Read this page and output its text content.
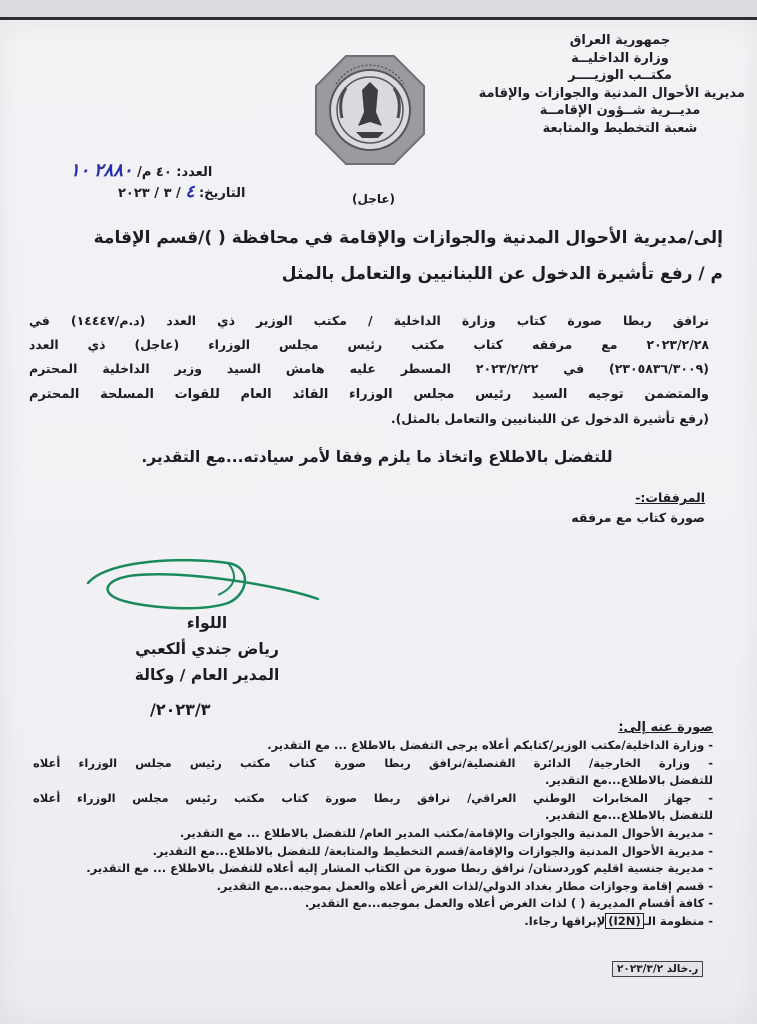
جمهورية العراق
وزارة الداخليــة
مكتــب الوزيــــر
مديرية الأحوال المدنية والجوازات والإقامة
مديــرية شــؤون الإقامــة
شعبة التخطيط والمتابعة
العدد: ٤٠ م/ ٢٨٨٠ ١٠
التاريخ: ٤ / ٣ / ٢٠٢٣	(عاجل)
إلى/مديرية الأحوال المدنية والجوازات والإقامة في محافظة ( )/قسم الإقامة
م / رفع تأشيرة الدخول عن اللبنانيين والتعامل بالمثل
نرافق ربطا صورة كتاب وزارة الداخلية / مكتب الوزير ذي العدد (د.م/١٤٤٤٧) في
٢٠٢٣/٢/٢٨ مع مرفقه كتاب مكتب رئيس مجلس الوزراء (عاجل) ذي العدد
(٢٣٠٥٨٣٦/٣٠٠٩) في ٢٠٢٣/٢/٢٢ المسطر عليه هامش السيد وزير الداخلية المحترم
والمتضمن توجيه السيد رئيس مجلس الوزراء القائد العام للقوات المسلحة المحترم
(رفع تأشيرة الدخول عن اللبنانيين والتعامل بالمثل).
للتفضل بالاطلاع واتخاذ ما يلزم وفقا لأمر سيادته...مع التقدير.
المرفقات:-
صورة كتاب مع مرفقه
اللواء
رياض جندي ألكعبي
المدير العام / وكالة
٢٠٢٣/٣/
صورة عنه إلى:
- وزارة الداخلية/مكتب الوزير/كتابكم أعلاه يرجى التفضل بالاطلاع ... مع التقدير.
- وزارة الخارجية/ الدائرة القنصلية/نرافق ربطا صورة كتاب مكتب رئيس مجلس الوزراء أعلاه
للتفضل بالاطلاع...مع التقدير.
- جهاز المخابرات الوطني العراقي/ نرافق ربطا صورة كتاب مكتب رئيس مجلس الوزراء أعلاه
للتفضل بالاطلاع...مع التقدير.
- مديرية الأحوال المدنية والجوازات والإقامة/مكتب المدير العام/ للتفضل بالاطلاع ... مع التقدير.
- مديرية الأحوال المدنية والجوازات والإقامة/قسم التخطيط والمتابعة/ للتفضل بالاطلاع...مع التقدير.
- مديرية جنسية اقليم كوردستان/ نرافق ربطا صورة من الكتاب المشار إليه أعلاه للتفضل بالاطلاع ... مع التقدير.
- قسم إقامة وجوازات مطار بغداد الدولي/لذات الغرض أعلاه والعمل بموجبه...مع التقدير.
- كافة أقسام المديرية ( ) لذات الغرض أعلاه والعمل بموجبه...مع التقدير.
- منظومة الـ(I2N)لإبراقها رجاءا.
ر.خالد ٢٠٢٣/٣/٢
